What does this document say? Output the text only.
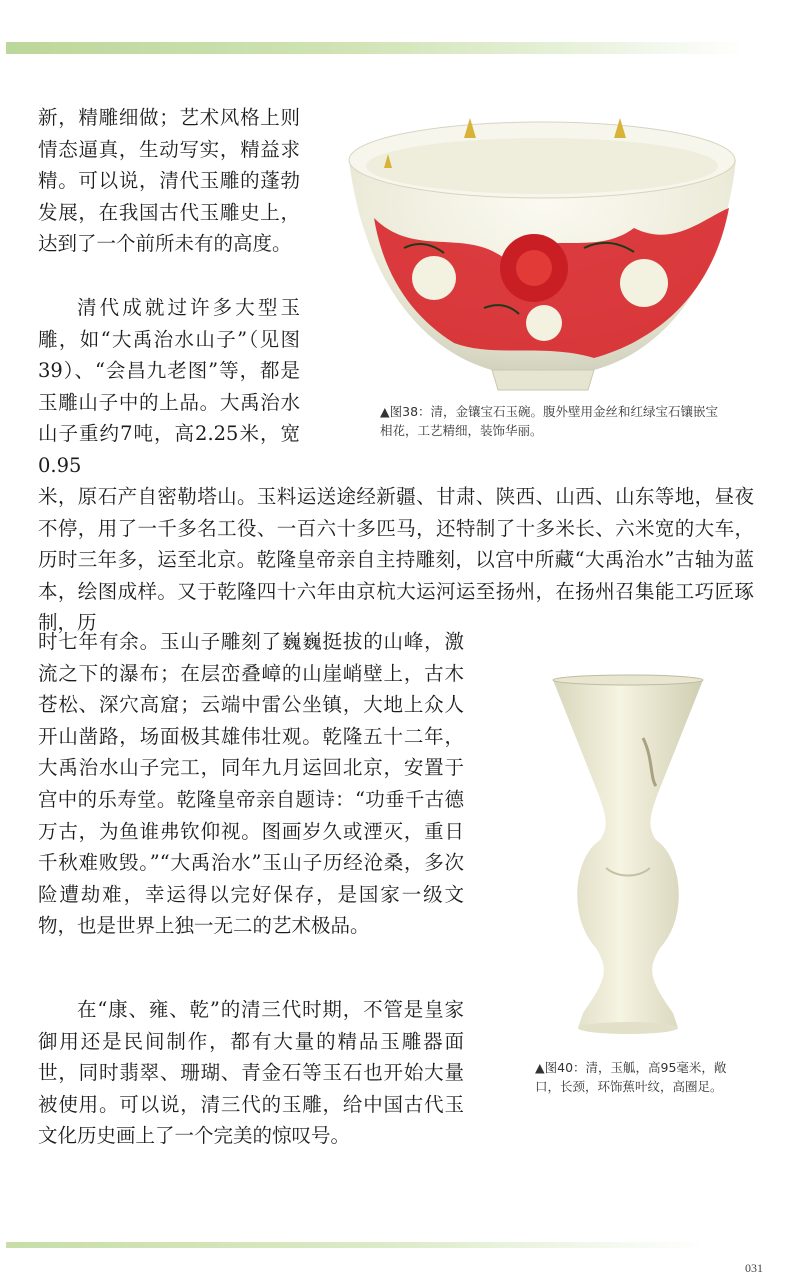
新，精雕细做；艺术风格上则情态逼真，生动写实，精益求精。可以说，清代玉雕的蓬勃发展，在我国古代玉雕史上，达到了一个前所未有的高度。

清代成就过许多大型玉雕，如“大禹治水山子”（见图39）、“会昌九老图”等，都是玉雕山子中的上品。大禹治水山子重约7吨，高2.25米，宽0.95

米，原石产自密勒塔山。玉料运送途经新疆、甘肃、陕西、山西、山东等地，昼夜不停，用了一千多名工役、一百六十多匹马，还特制了十多米长、六米宽的大车，历时三年多，运至北京。乾隆皇帝亲自主持雕刻，以宫中所藏“大禹治水”古轴为蓝本，绘图成样。又于乾隆四十六年由京杭大运河运至扬州，在扬州召集能工巧匠琢制，历

时七年有余。玉山子雕刻了巍巍挺拔的山峰，激流之下的瀑布；在层峦叠嶂的山崖峭壁上，古木苍松、深穴高窟；云端中雷公坐镇，大地上众人开山凿路，场面极其雄伟壮观。乾隆五十二年，大禹治水山子完工，同年九月运回北京，安置于宫中的乐寿堂。乾隆皇帝亲自题诗：“功垂千古德万古，为鱼谁弗钦仰视。图画岁久或湮灭，重日千秋难败毁。”“大禹治水”玉山子历经沧桑，多次险遭劫难，幸运得以完好保存，是国家一级文物，也是世界上独一无二的艺术极品。

在“康、雍、乾”的清三代时期，不管是皇家御用还是民间制作，都有大量的精品玉雕器面世，同时翡翠、珊瑚、青金石等玉石也开始大量被使用。可以说，清三代的玉雕，给中国古代玉文化历史画上了一个完美的惊叹号。

▲图38：清，金镶宝石玉碗。腹外壁用金丝和红绿宝石镶嵌宝相花，工艺精细，装饰华丽。

▲图40：清，玉觚，高95毫米，敞口，长颈，环饰蕉叶纹，高圈足。

031
